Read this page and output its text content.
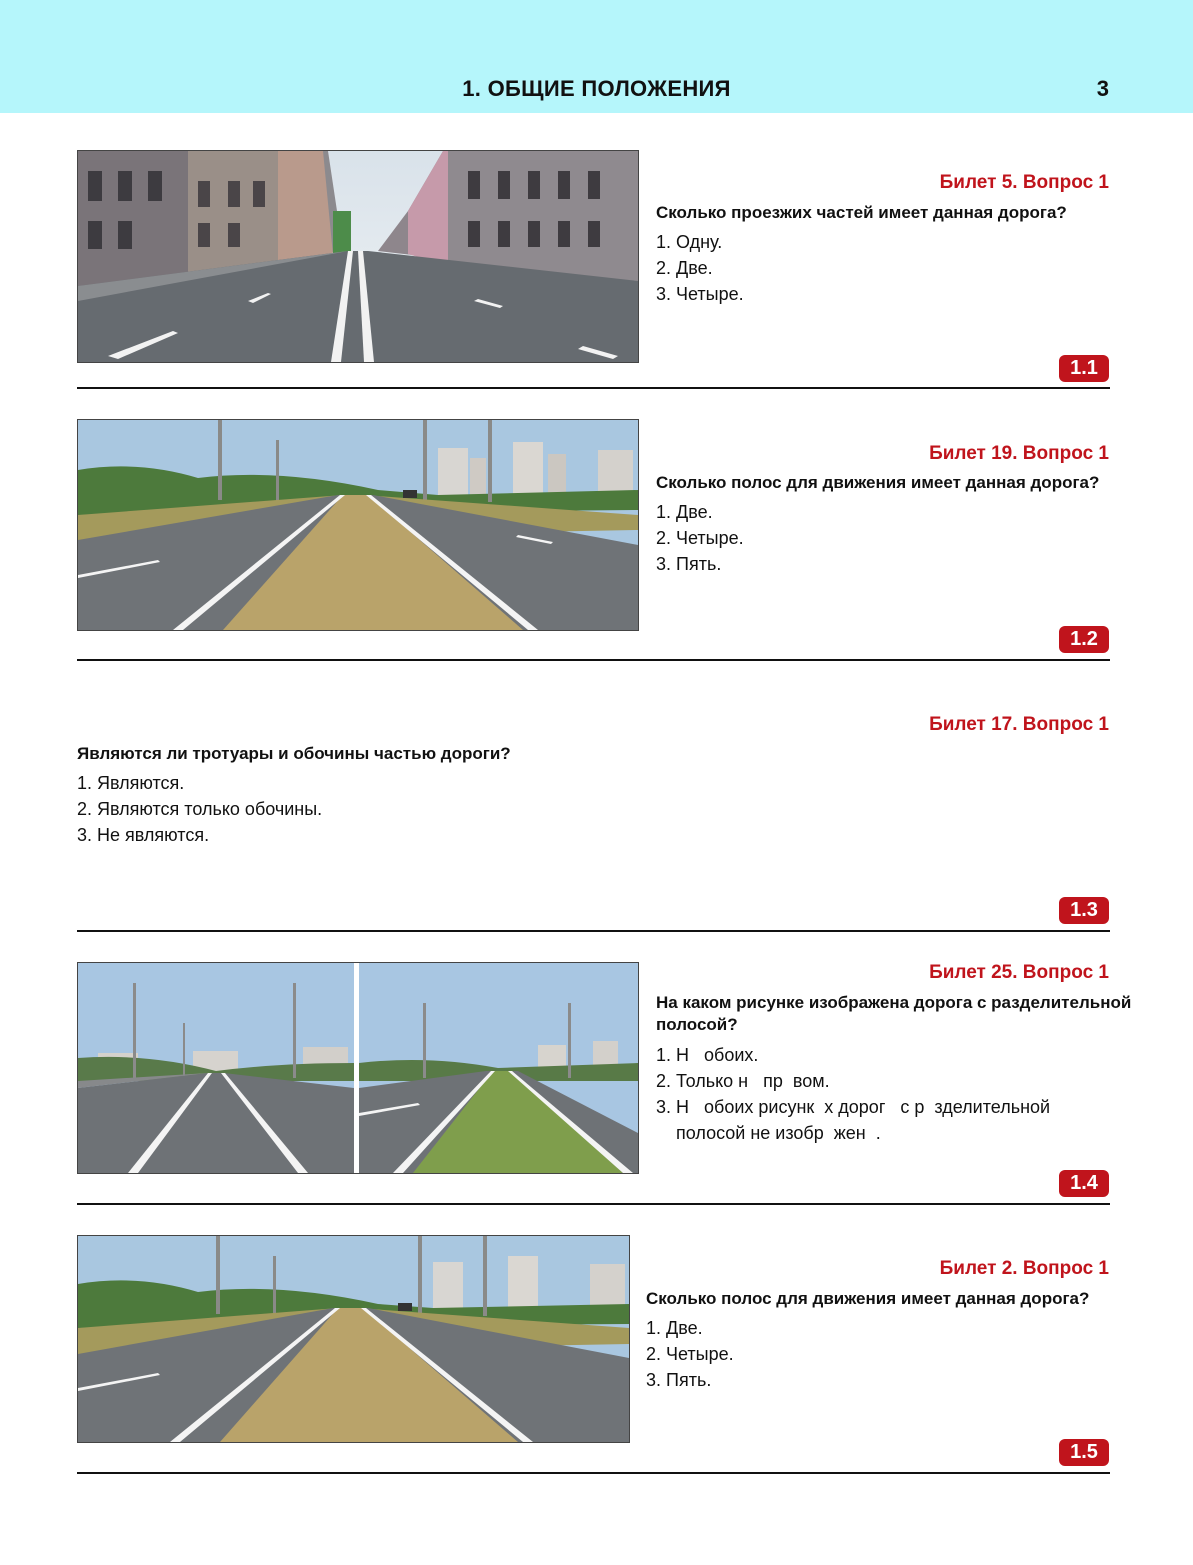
1. ОБЩИЕ ПОЛОЖЕНИЯ	3
Билет 5. Вопрос 1
Сколько проезжих частей имеет данная дорога?
1. Одну.
2. Две.
3. Четыре.
1.1
Билет 19. Вопрос 1
Сколько полос для движения имеет данная дорога?
1. Две.
2. Четыре.
3. Пять.
1.2
Билет 17. Вопрос 1
Являются ли тротуары и обочины частью дороги?
1. Являются.
2. Являются только обочины.
3. Не являются.
1.3
Билет 25. Вопрос 1
На каком рисунке изображена дорога с разделительной
полосой?
1. Н   обоих.
2. Только н   пр  вом.
3. Н   обоих рисунк  х дорог   с р  зделительной
полосой не изобр  жен  .
1.4
Билет 2. Вопрос 1
Сколько полос для движения имеет данная дорога?
1. Две.
2. Четыре.
3. Пять.
1.5
